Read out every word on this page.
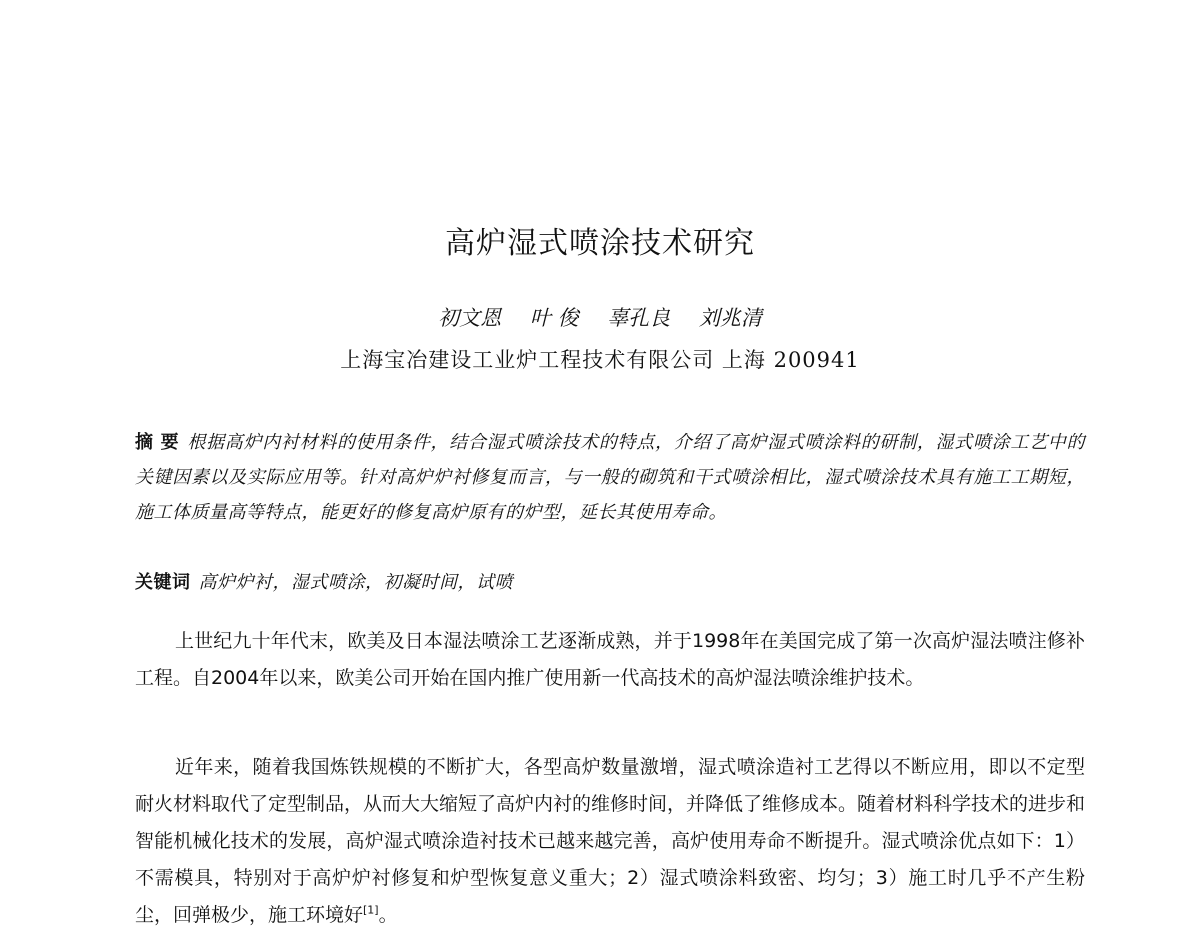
高炉湿式喷涂技术研究
初文恩 叶 俊 辜孔良 刘兆清
上海宝冶建设工业炉工程技术有限公司 上海 200941
摘 要 根据高炉内衬材料的使用条件，结合湿式喷涂技术的特点，介绍了高炉湿式喷涂料的研制，湿式喷涂工艺中的关键因素以及实际应用等。针对高炉炉衬修复而言，与一般的砌筑和干式喷涂相比，湿式喷涂技术具有施工工期短，施工体质量高等特点，能更好的修复高炉原有的炉型，延长其使用寿命。
关键词 高炉炉衬，湿式喷涂，初凝时间，试喷
上世纪九十年代末，欧美及日本湿法喷涂工艺逐渐成熟，并于1998年在美国完成了第一次高炉湿法喷注修补工程。自2004年以来，欧美公司开始在国内推广使用新一代高技术的高炉湿法喷涂维护技术。
近年来，随着我国炼铁规模的不断扩大，各型高炉数量激增，湿式喷涂造衬工艺得以不断应用，即以不定型耐火材料取代了定型制品，从而大大缩短了高炉内衬的维修时间，并降低了维修成本。随着材料科学技术的进步和智能机械化技术的发展，高炉湿式喷涂造衬技术已越来越完善，高炉使用寿命不断提升。湿式喷涂优点如下：1）不需模具，特别对于高炉炉衬修复和炉型恢复意义重大；2）湿式喷涂料致密、均匀；3）施工时几乎不产生粉尘，回弹极少，施工环境好[1]。
